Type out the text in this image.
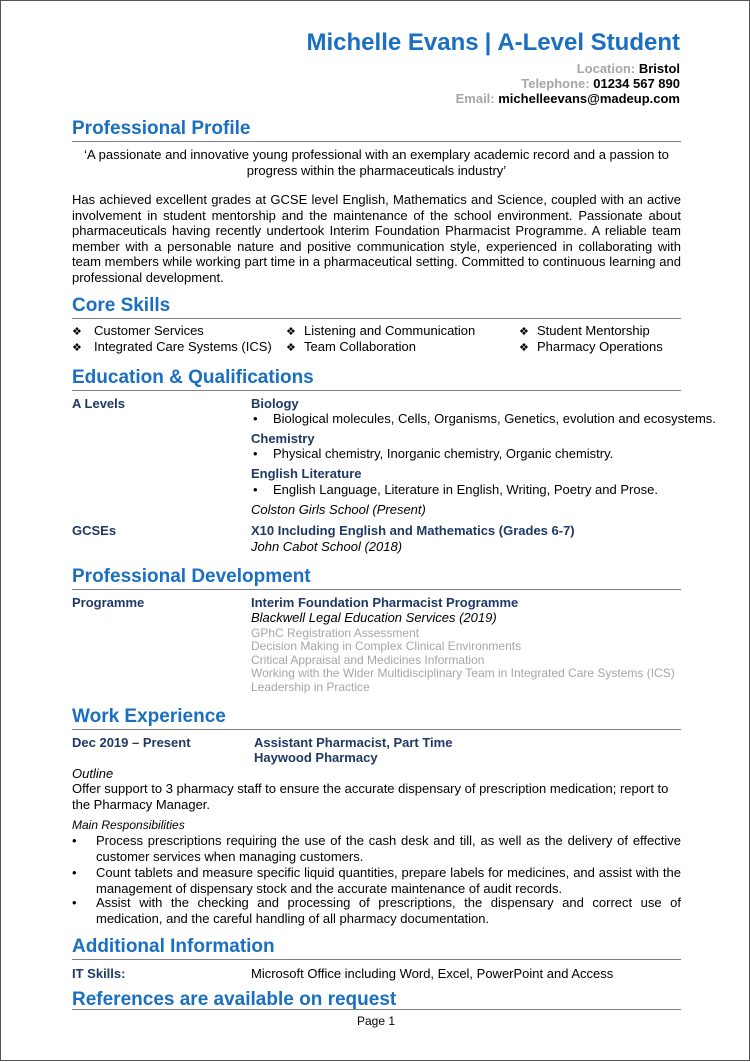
Michelle Evans | A-Level Student
Location: Bristol
Telephone: 01234 567 890
Email: michelleevans@madeup.com
Professional Profile
‘A passionate and innovative young professional with an exemplary academic record and a passion to
progress within the pharmaceuticals industry’
Has achieved excellent grades at GCSE level English, Mathematics and Science, coupled with an active involvement in student mentorship and the maintenance of the school environment. Passionate about pharmaceuticals having recently undertook Interim Foundation Pharmacist Programme. A reliable team member with a personable nature and positive communication style, experienced in collaborating with team members while working part time in a pharmaceutical setting. Committed to continuous learning and professional development.
Core Skills
❖ Customer Services	❖ Listening and Communication	❖ Student Mentorship
❖ Integrated Care Systems (ICS) ❖ Team Collaboration	❖ Pharmacy Operations
Education & Qualifications
A Levels	Biology
• Biological molecules, Cells, Organisms, Genetics, evolution and ecosystems.
Chemistry
• Physical chemistry, Inorganic chemistry, Organic chemistry.
English Literature
• English Language, Literature in English, Writing, Poetry and Prose.
Colston Girls School (Present)
GCSEs	X10 Including English and Mathematics (Grades 6-7)
John Cabot School (2018)
Professional Development
Programme	Interim Foundation Pharmacist Programme
Blackwell Legal Education Services (2019)
GPhC Registration Assessment
Decision Making in Complex Clinical Environments
Critical Appraisal and Medicines Information
Working with the Wider Multidisciplinary Team in Integrated Care Systems (ICS)
Leadership in Practice
Work Experience
Dec 2019 – Present	Assistant Pharmacist, Part Time
Haywood Pharmacy
Outline
Offer support to 3 pharmacy staff to ensure the accurate dispensary of prescription medication; report to the Pharmacy Manager.
Main Responsibilities
• Process prescriptions requiring the use of the cash desk and till, as well as the delivery of effective customer services when managing customers.
• Count tablets and measure specific liquid quantities, prepare labels for medicines, and assist with the management of dispensary stock and the accurate maintenance of audit records.
• Assist with the checking and processing of prescriptions, the dispensary and correct use of medication, and the careful handling of all pharmacy documentation.
Additional Information
IT Skills:	Microsoft Office including Word, Excel, PowerPoint and Access
References are available on request
Page 1
